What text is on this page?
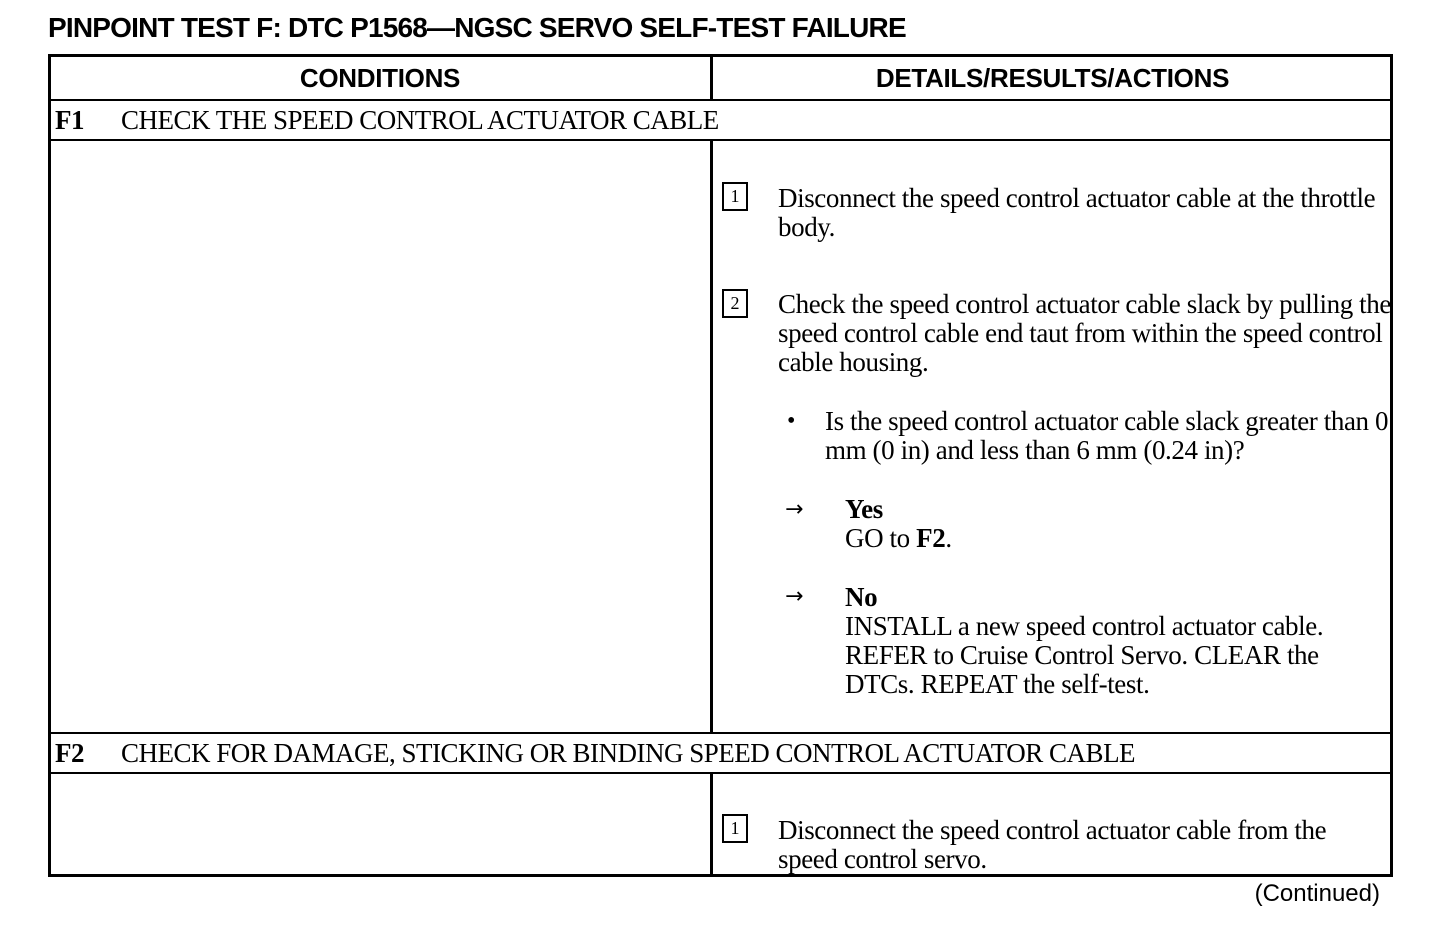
PINPOINT TEST F: DTC P1568—NGSC SERVO SELF-TEST FAILURE
CONDITIONS	DETAILS/RESULTS/ACTIONS
F1	CHECK THE SPEED CONTROL ACTUATOR CABLE
1	Disconnect the speed control actuator cable at the throttle body.
2	Check the speed control actuator cable slack by pulling the speed control cable end taut from within the speed control cable housing.
• Is the speed control actuator cable slack greater than 0 mm (0 in) and less than 6 mm (0.24 in)?
→ Yes
GO to F2.
→ No
INSTALL a new speed control actuator cable. REFER to Cruise Control Servo. CLEAR the DTCs. REPEAT the self-test.
F2	CHECK FOR DAMAGE, STICKING OR BINDING SPEED CONTROL ACTUATOR CABLE
1	Disconnect the speed control actuator cable from the speed control servo.
(Continued)
